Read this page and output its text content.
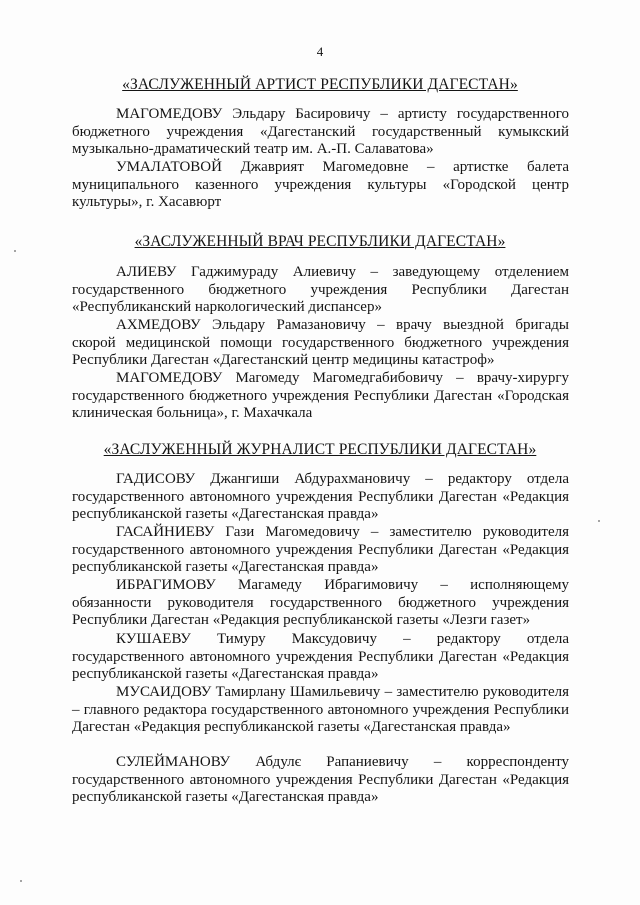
4
«ЗАСЛУЖЕННЫЙ АРТИСТ РЕСПУБЛИКИ ДАГЕСТАН»
МАГОМЕДОВУ Эльдару Басировичу – артисту государственного бюджетного учреждения «Дагестанский государственный кумыкский музыкально-драматический театр им. А.-П. Салаватова»
УМАЛАТОВОЙ Джаврият Магомедовне – артистке балета муниципального казенного учреждения культуры «Городской центр культуры», г. Хасавюрт
«ЗАСЛУЖЕННЫЙ ВРАЧ РЕСПУБЛИКИ ДАГЕСТАН»
АЛИЕВУ Гаджимураду Алиевичу – заведующему отделением государственного бюджетного учреждения Республики Дагестан «Республиканский наркологический диспансер»
АХМЕДОВУ Эльдару Рамазановичу – врачу выездной бригады скорой медицинской помощи государственного бюджетного учреждения Республики Дагестан «Дагестанский центр медицины катастроф»
МАГОМЕДОВУ Магомеду Магомедгабибовичу – врачу-хирургу государственного бюджетного учреждения Республики Дагестан «Городская клиническая больница», г. Махачкала
«ЗАСЛУЖЕННЫЙ ЖУРНАЛИСТ РЕСПУБЛИКИ ДАГЕСТАН»
ГАДИСОВУ Джангиши Абдурахмановичу – редактору отдела государственного автономного учреждения Республики Дагестан «Редакция республиканской газеты «Дагестанская правда»
ГАСАЙНИЕВУ Гази Магомедовичу – заместителю руководителя государственного автономного учреждения Республики Дагестан «Редакция республиканской газеты «Дагестанская правда»
ИБРАГИМОВУ Магамеду Ибрагимовичу – исполняющему обязанности руководителя государственного бюджетного учреждения Республики Дагестан «Редакция республиканской газеты «Лезги газет»
КУШАЕВУ Тимуру Максудовичу – редактору отдела государственного автономного учреждения Республики Дагестан «Редакция республиканской газеты «Дагестанская правда»
МУСАИДОВУ Тамирлану Шамильевичу – заместителю руководителя – главного редактора государственного автономного учреждения Республики Дагестан «Редакция республиканской газеты «Дагестанская правда»
СУЛЕЙМАНОВУ Абдулє Рапаниевичу – корреспонденту государственного автономного учреждения Республики Дагестан «Редакция республиканской газеты «Дагестанская правда»
